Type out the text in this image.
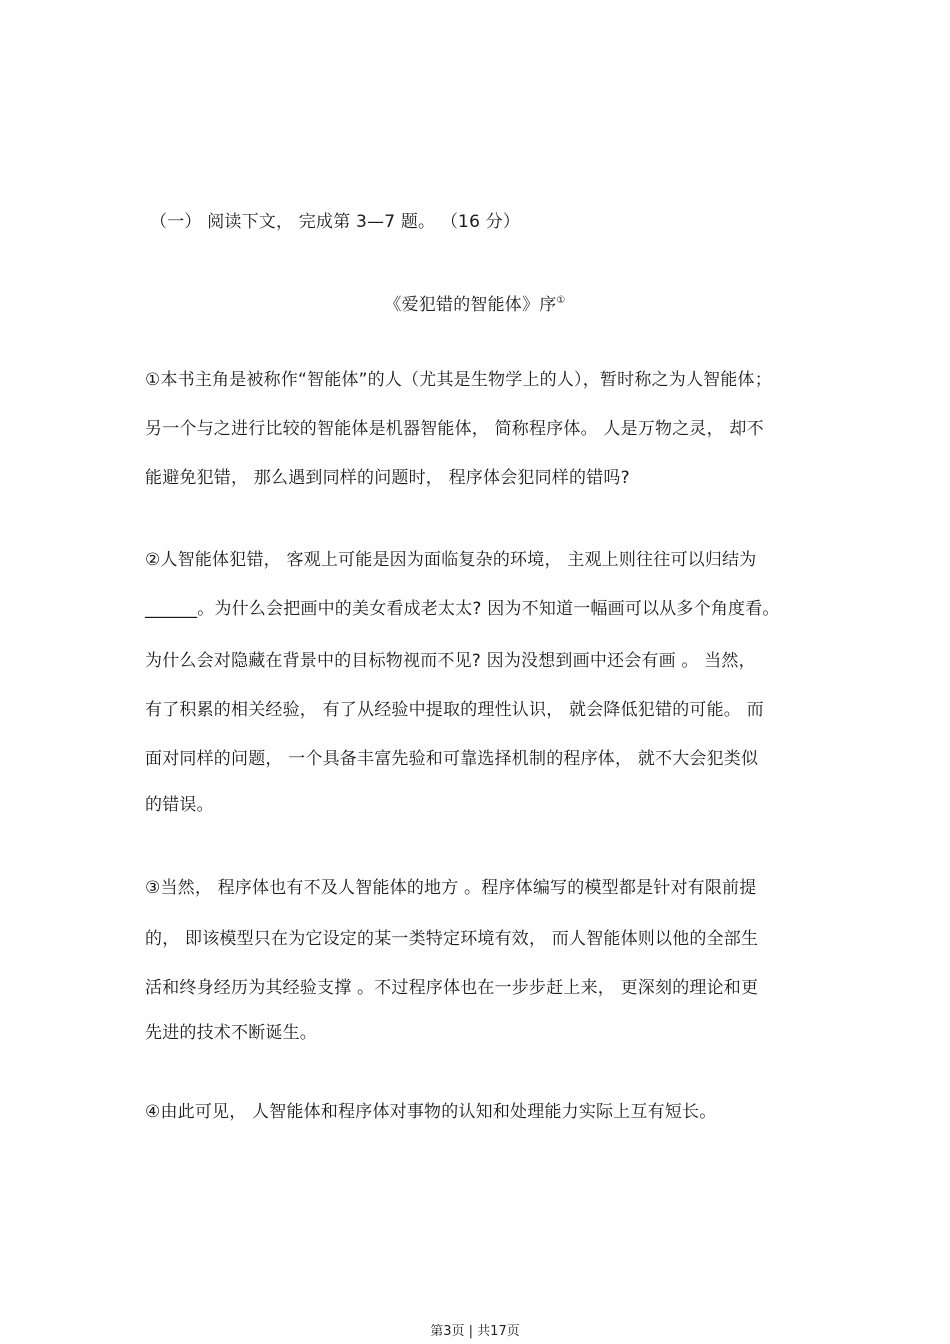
（一） 阅读下文， 完成第 3—7 题。 （16 分）
《爱犯错的智能体》序①
①本书主角是被称作“智能体”的人（尤其是生物学上的人），暂时称之为人智能体；
另一个与之进行比较的智能体是机器智能体， 简称程序体。 人是万物之灵， 却不
能避免犯错， 那么遇到同样的问题时， 程序体会犯同样的错吗?
②人智能体犯错， 客观上可能是因为面临复杂的环境， 主观上则往往可以归结为
______。为什么会把画中的美女看成老太太? 因为不知道一幅画可以从多个角度看。
为什么会对隐藏在背景中的目标物视而不见? 因为没想到画中还会有画 。 当然，
有了积累的相关经验， 有了从经验中提取的理性认识， 就会降低犯错的可能。 而
面对同样的问题， 一个具备丰富先验和可靠选择机制的程序体， 就不大会犯类似
的错误。
③当然， 程序体也有不及人智能体的地方 。程序体编写的模型都是针对有限前提
的， 即该模型只在为它设定的某一类特定环境有效， 而人智能体则以他的全部生
活和终身经历为其经验支撑 。不过程序体也在一步步赶上来， 更深刻的理论和更
先进的技术不断诞生。
④由此可见， 人智能体和程序体对事物的认知和处理能力实际上互有短长。
第3页 | 共17页
